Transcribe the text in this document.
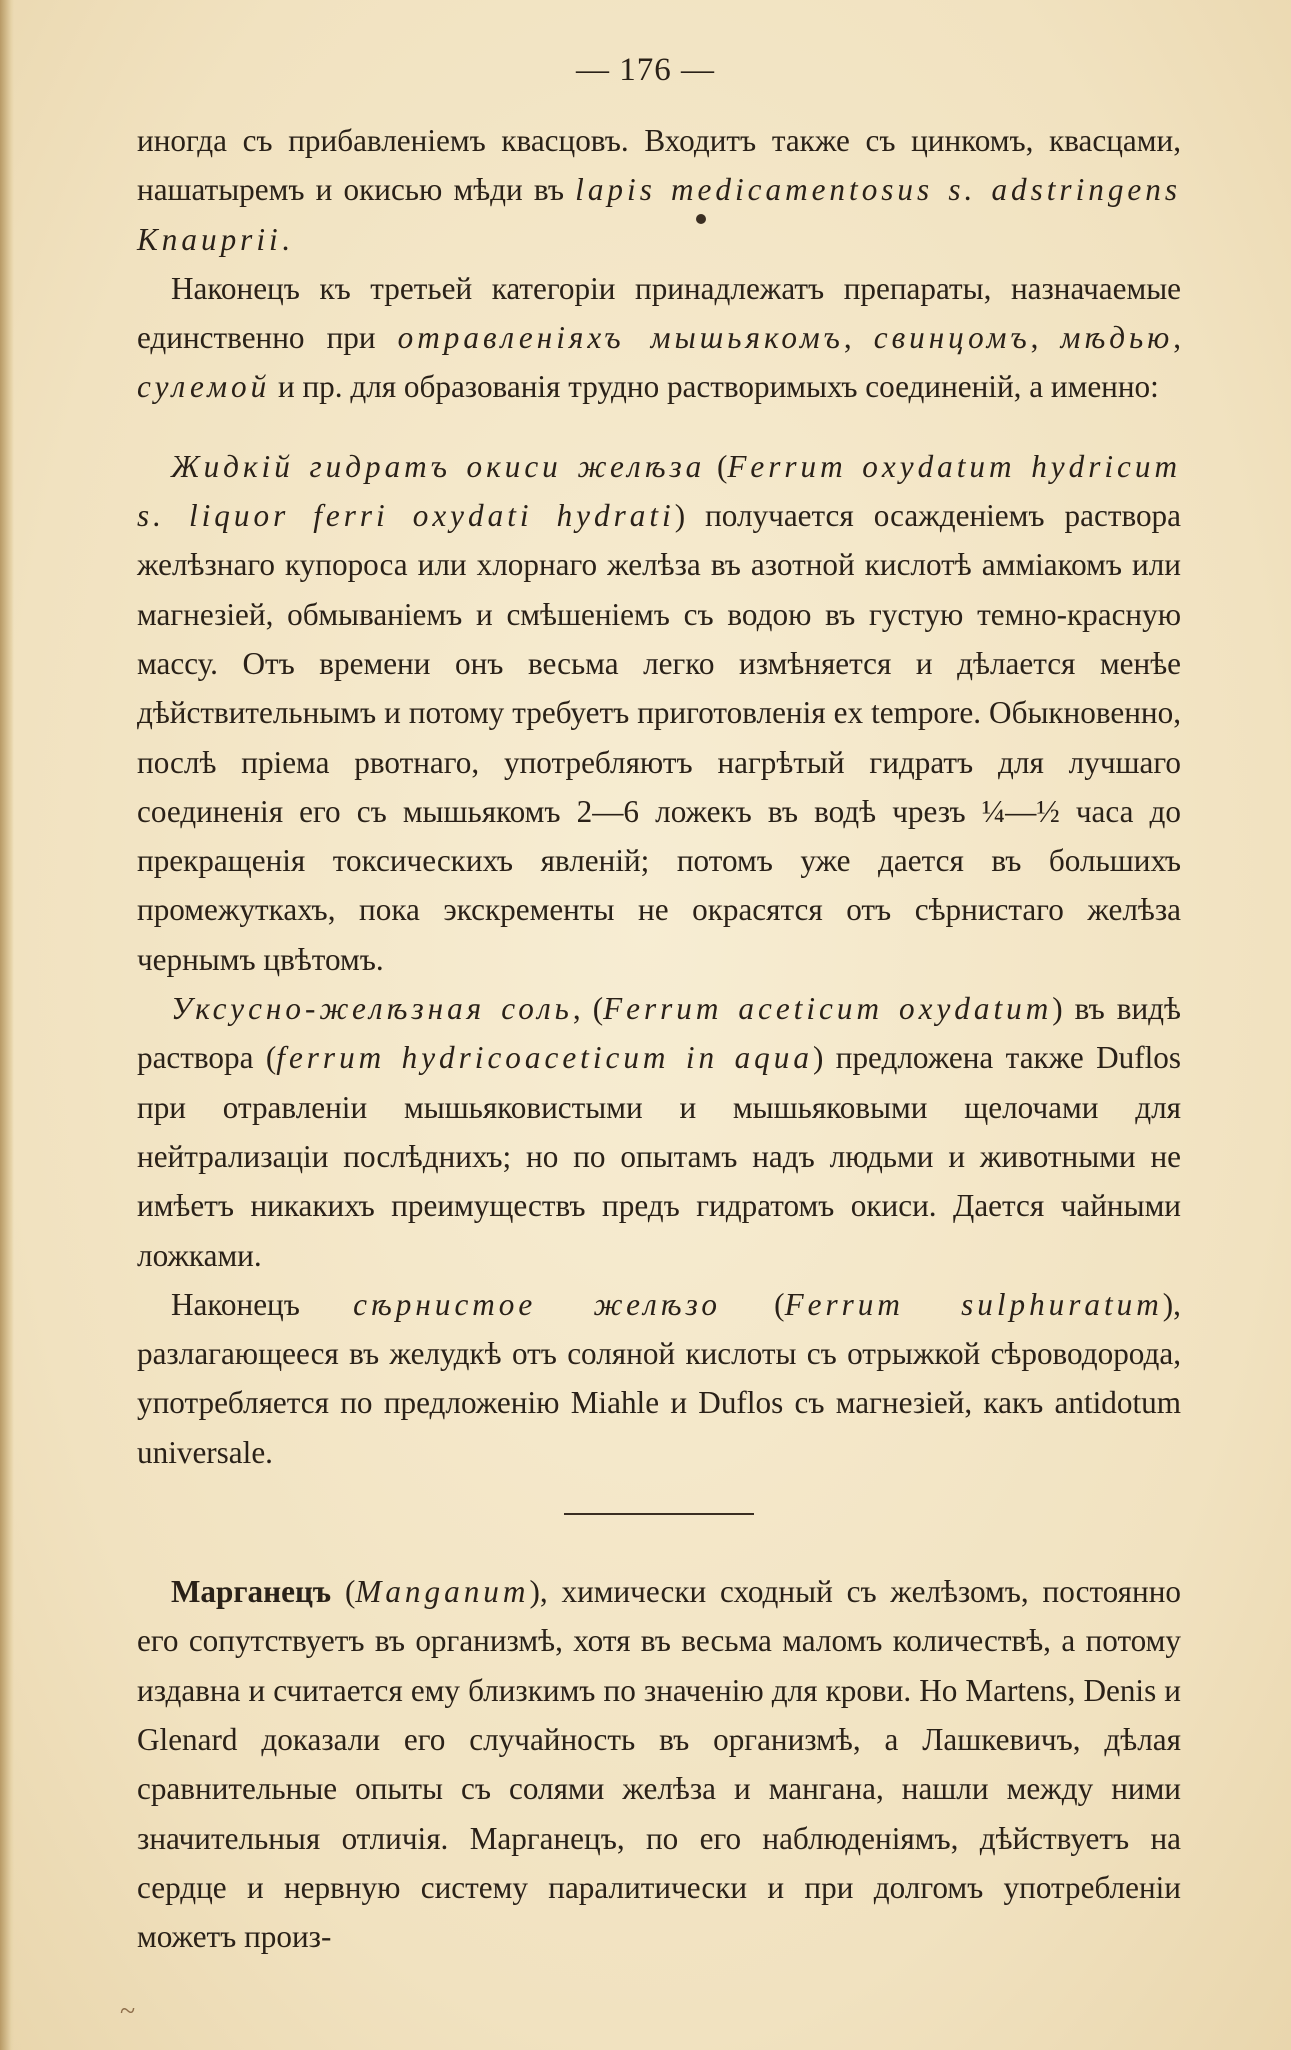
— 176 —

иногда съ прибавленіемъ квасцовъ. Входитъ также съ цинкомъ, квасцами, нашатыремъ и окисью мѣди въ lapis medicamentosus s. adstringens Knauprii.

Наконецъ къ третьей категоріи принадлежатъ препараты, назначаемые единственно при отравленіяхъ мышьякомъ, свинцомъ, мѣдью, сулемой и пр. для образованія трудно растворимыхъ соединеній, а именно:

Жидкій гидратъ окиси желѣза (Ferrum oxydatum hydricum s. liquor ferri oxydati hydrati) получается осажденіемъ раствора желѣзнаго купороса или хлорнаго желѣза въ азотной кислотѣ аммiакомъ или магнезіей, обмываніемъ и смѣшеніемъ съ водою въ густую темно-красную массу. Отъ времени онъ весьма легко измѣняется и дѣлается менѣе дѣйствительнымъ и потому требуетъ приготовленія ex tempore. Обыкновенно, послѣ пріема рвотнаго, употребляютъ нагрѣтый гидратъ для лучшаго соединенія его съ мышьякомъ 2—6 ложекъ въ водѣ чрезъ ¼—½ часа до прекращенія токсическихъ явленій; потомъ уже дается въ большихъ промежуткахъ, пока экскременты не окрасятся отъ сѣрнистаго желѣза чернымъ цвѣтомъ.

Уксусно-желѣзная соль, (Ferrum aceticum oxydatum) въ видѣ раствора (ferrum hydricoaceticum in aqua) предложена также Duflos при отравленіи мышьяковистыми и мышьяковыми щелочами для нейтрализаціи послѣднихъ; но по опытамъ надъ людьми и животными не имѣетъ никакихъ преимуществъ предъ гидратомъ окиси. Дается чайными ложками.

Наконецъ сѣрнистое желѣзо (Ferrum sulphuratum), разлагающееся въ желудкѣ отъ соляной кислоты съ отрыжкой сѣроводорода, употребляется по предложенію Miahle и Duflos съ магнезіей, какъ antidotum universale.

Марганецъ (Manganum), химически сходный съ желѣзомъ, постоянно его сопутствуетъ въ организмѣ, хотя въ весьма маломъ количествѣ, а потому издавна и считается ему близкимъ по значенію для крови. Но Martens, Denis и Glenard доказали его случайность въ организмѣ, а Лашкевичъ, дѣлая сравнительные опыты съ солями желѣза и мангана, нашли между ними значительныя отличія. Марганецъ, по его наблюденіямъ, дѣйствуетъ на сердце и нервную систему паралитически и при долгомъ употребленіи можетъ произ-

~
